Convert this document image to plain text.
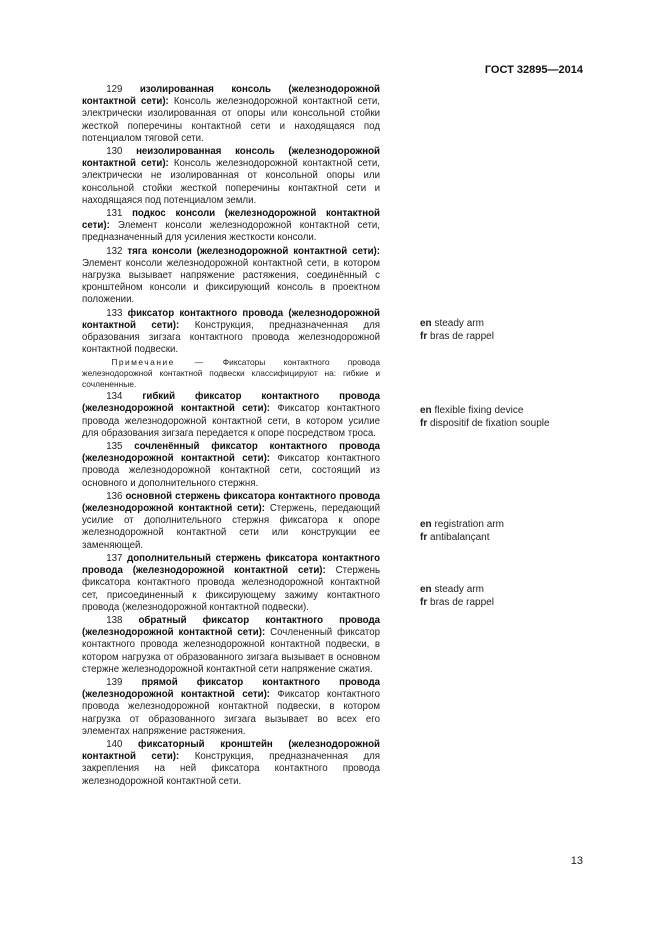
ГОСТ 32895—2014

   129 изолированная консоль (железнодорожной контактной сети): Консоль железнодорожной контактной сети, электрически изолированная от опоры или консольной стойки жесткой поперечины контактной сети и находящаяся под потенциалом тяговой сети.

   130 неизолированная консоль (железнодорожной контактной сети): Консоль железнодорожной контактной сети, электрически не изолированная от консольной опоры или консольной стойки жесткой поперечины контактной сети и находящаяся под потенциалом земли.

   131 подкос консоли (железнодорожной контактной сети): Элемент консоли железнодорожной контактной сети, предназначенный для усиления жесткости консоли.

   132 тяга консоли (железнодорожной контактной сети): Элемент консоли железнодорожной контактной сети, в котором нагрузка вызывает напряжение растяжения, соединённый с кронштейном консоли и фиксирующий консоль в проектном положении.

   133 фиксатор контактного провода (железнодорожной контактной сети): Конструкция, предназначенная для образования зигзага контактного провода железнодорожной контактной подвески.

    Примечание — Фиксаторы контактного провода железнодорожной контактной подвески классифицируют на: гибкие и сочлененные.

   134 гибкий фиксатор контактного провода (железнодорожной контактной сети): Фиксатор контактного провода железнодорожной контактной сети, в котором усилие для образования зигзага передается к опоре посредством троса.

   135 сочленённый фиксатор контактного провода (железнодорожной контактной сети): Фиксатор контактного провода железнодорожной контактной сети, состоящий из основного и дополнительного стержня.

   136 основной стержень фиксатора контактного провода (железнодорожной контактной сети): Стержень, передающий усилие от дополнительного стержня фиксатора к опоре железнодорожной контактной сети или конструкции ее заменяющей.

   137 дополнительный стержень фиксатора контактного провода (железнодорожной контактной сети): Стержень фиксатора контактного провода железнодорожной контактной сет, присоединенный к фиксирующему зажиму контактного провода (железнодорожной контактной подвески).

   138 обратный фиксатор контактного провода (железнодорожной контактной сети): Сочлененный фиксатор контактного провода железнодорожной контактной подвески, в котором нагрузка от образованного зигзага вызывает в основном стержне железнодорожной контактной сети напряжение сжатия.

   139 прямой фиксатор контактного провода (железнодорожной контактной сети): Фиксатор контактного провода железнодорожной контактной подвески, в котором нагрузка от образованного зигзага вызывает во всех его элементах напряжение растяжения.

   140 фиксаторный кронштейн (железнодорожной контактной сети): Конструкция, предназначенная для закрепления на ней фиксатора контактного провода железнодорожной контактной сети.

en steady arm
fr bras de rappel
en flexible fixing device
fr dispositif de fixation souple
en registration arm
fr antibalançant
en steady arm
fr bras de rappel
13
